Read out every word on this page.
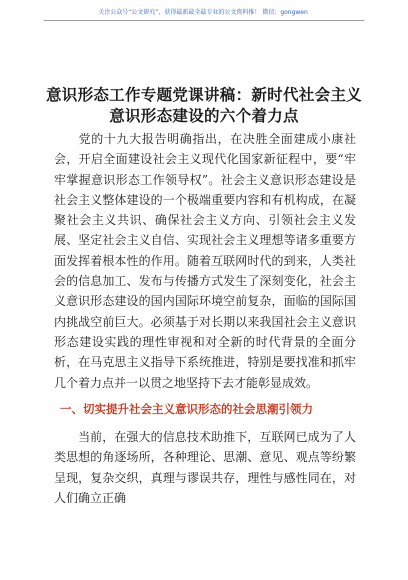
关注公众号“公文研究”，获得最新最全最专业的公文资料推！ 微信：gongwen
意识形态工作专题党课讲稿：新时代社会主义
意识形态建设的六个着力点
党的十九大报告明确指出，在决胜全面建成小康社会，开启全面建设社会主义现代化国家新征程中，要“牢牢掌握意识形态工作领导权”。社会主义意识形态建设是社会主义整体建设的一个极端重要内容和有机构成，在凝聚社会主义共识、确保社会主义方向、引领社会主义发展、坚定社会主义自信、实现社会主义理想等诸多重要方面发挥着根本性的作用。随着互联网时代的到来，人类社会的信息加工、发布与传播方式发生了深刻变化，社会主义意识形态建设的国内国际环境空前复杂，面临的国际国内挑战空前巨大。必须基于对长期以来我国社会主义意识形态建设实践的理性审视和对全新的时代背景的全面分析，在马克思主义指导下系统推进，特别是要找准和抓牢几个着力点并一以贯之地坚持下去才能彰显成效。
一、切实提升社会主义意识形态的社会思潮引领力
当前，在强大的信息技术助推下，互联网已成为了人类思想的角逐场所，各种理论、思潮、意见、观点等纷繁呈现，复杂交织，真理与谬误共存，理性与感性同在，对人们确立正确
